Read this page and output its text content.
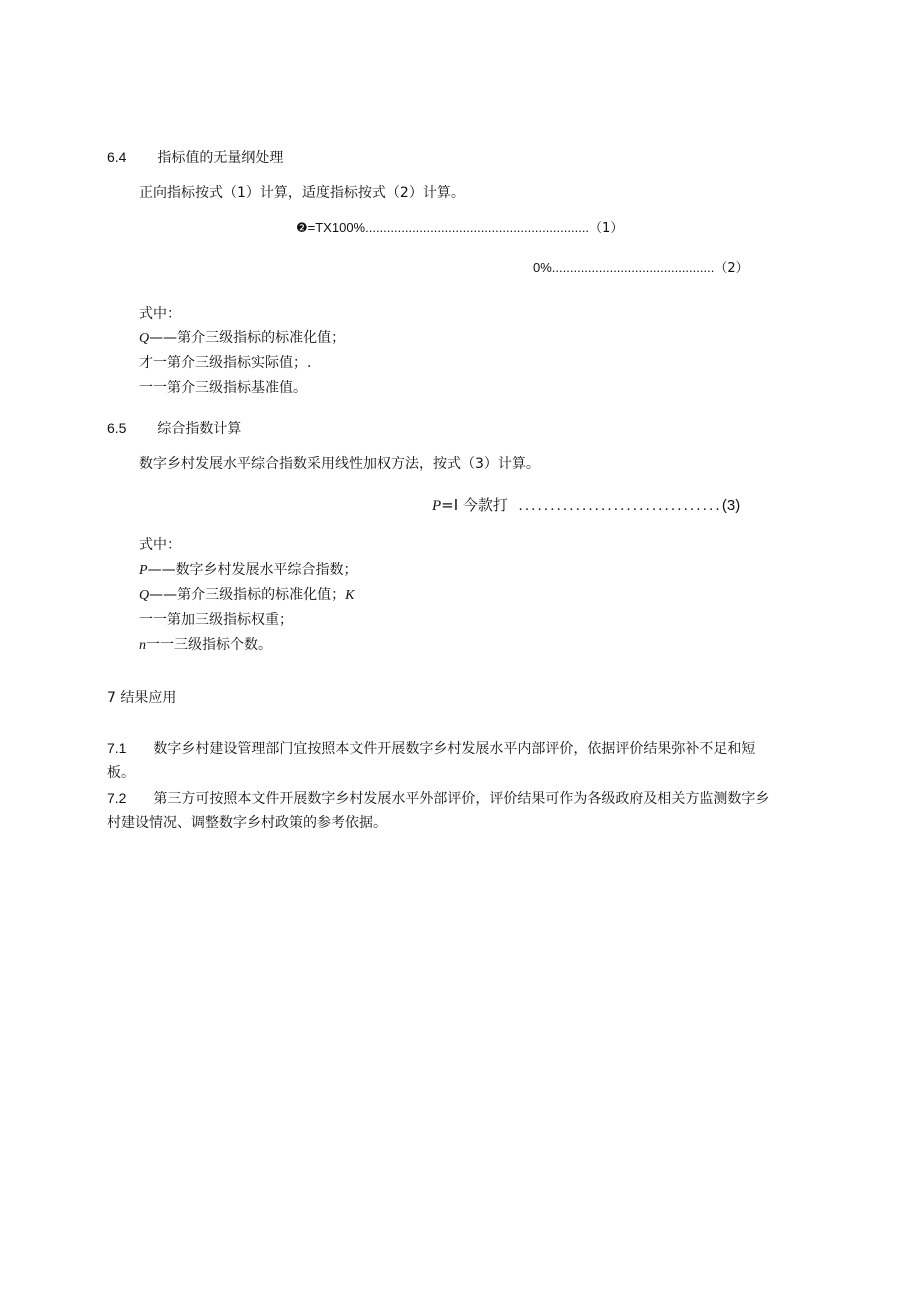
6.4 指标值的无量纲处理
正向指标按式（1）计算，适度指标按式（2）计算。
❷=TX100%..............................................................（1）
0%.............................................（2）
式中：
Q——第介三级指标的标准化值；
才一第介三级指标实际值；.
一一第介三级指标基准值。
6.5 综合指数计算
数字乡村发展水平综合指数采用线性加权方法，按式（3）计算。
P=I 今款打 ................................(3)
式中：
P——数字乡村发展水平综合指数；
Q——第介三级指标的标准化值；K
一一第加三级指标权重；
n一一三级指标个数。
7 结果应用
7.1 数字乡村建设管理部门宜按照本文件开展数字乡村发展水平内部评价，依据评价结果弥补不足和短
板。
7.2 第三方可按照本文件开展数字乡村发展水平外部评价，评价结果可作为各级政府及相关方监测数字乡
村建设情况、调整数字乡村政策的参考依据。
